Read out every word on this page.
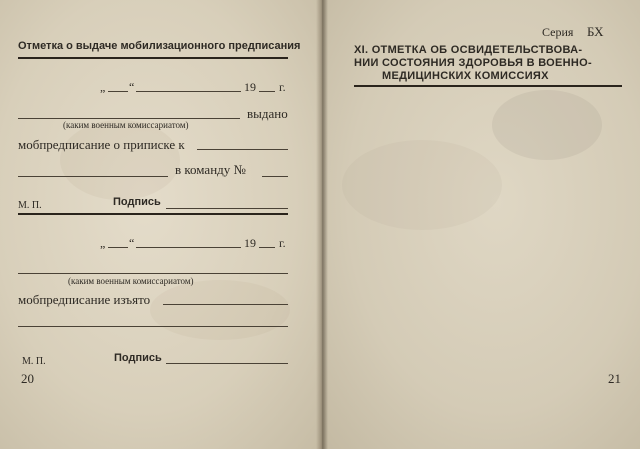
Отметка о выдаче мобилизационного предписания
„ “	19 г.
выдано
(каким военным комиссариатом)
мобпредписание о приписке к
в команду №
М. П.	Подпись
„ “	19 г.
(каким военным комиссариатом)
мобпредписание изъято
М. П.	Подпись
20
Серия БХ
XI. ОТМЕТКА ОБ ОСВИДЕТЕЛЬСТВОВА-
НИИ СОСТОЯНИЯ ЗДОРОВЬЯ В ВОЕННО-
МЕДИЦИНСКИХ КОМИССИЯХ
21
